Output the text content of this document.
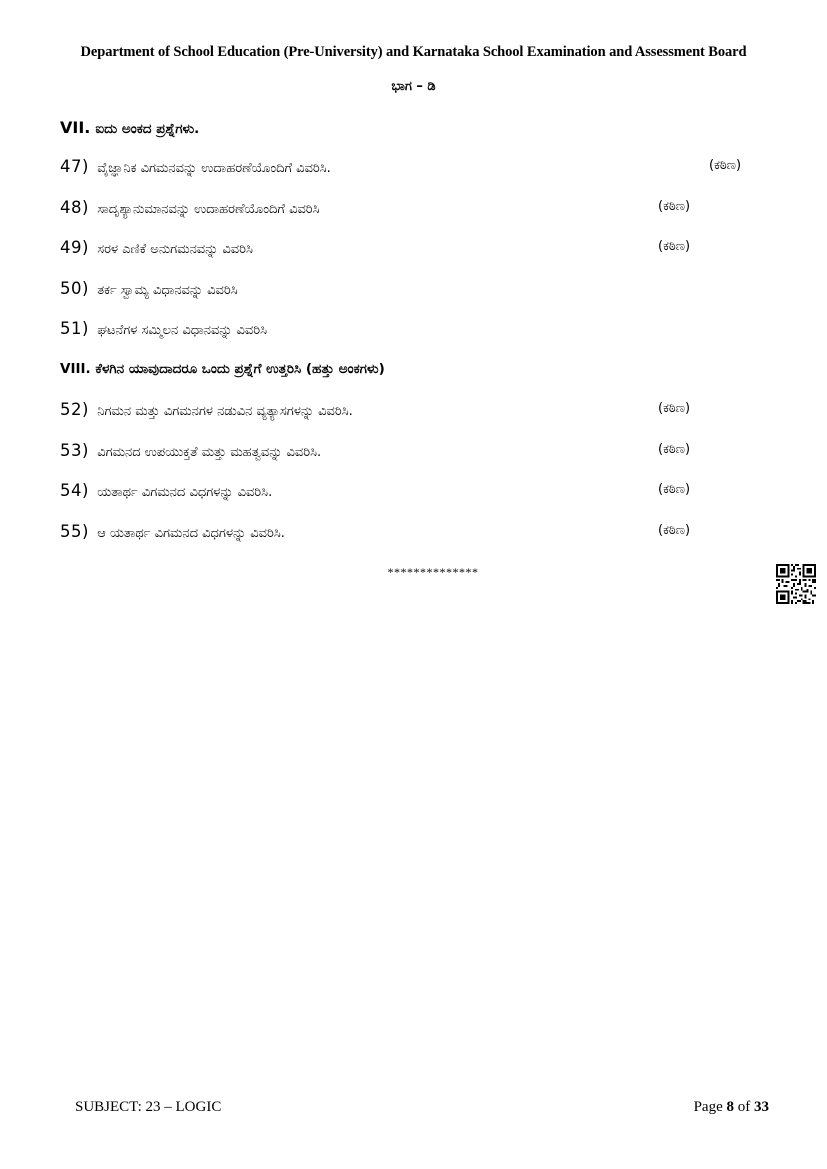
Department of School Education (Pre-University) and Karnataka School Examination and Assessment Board
ಭಾಗ – ಡಿ
VII. ಐದು ಅಂಕದ ಪ್ರಶ್ನೆಗಳು.
47) ವೈಜ್ಞಾನಿಕ ವಿಗಮನವನ್ನು ಉದಾಹರಣೆಯೊಂದಿಗೆ ವಿವರಿಸಿ.	(ಕಠಿಣ)
48) ಸಾದೃಶ್ಯಾನುಮಾನವನ್ನು ಉದಾಹರಣೆಯೊಂದಿಗೆ ವಿವರಿಸಿ	(ಕಠಿಣ)
49) ಸರಳ ಎಣಿಕೆ ಅನುಗಮನವನ್ನು ವಿವರಿಸಿ	(ಕಠಿಣ)
50) ತರ್ಕ ಸ್ವಾಮ್ಯ ವಿಧಾನವನ್ನು ವಿವರಿಸಿ
51) ಘಟನೆಗಳ ಸಮ್ಮಿಲನ ವಿಧಾನವನ್ನು ವಿವರಿಸಿ
VIII. ಕೆಳಗಿನ ಯಾವುದಾದರೂ ಒಂದು ಪ್ರಶ್ನೆಗೆ ಉತ್ತರಿಸಿ (ಹತ್ತು ಅಂಕಗಳು)
52) ನಿಗಮನ ಮತ್ತು ವಿಗಮನಗಳ ನಡುವಿನ ವ್ಯತ್ಯಾಸಗಳನ್ನು ವಿವರಿಸಿ.	(ಕಠಿಣ)
53) ವಿಗಮನದ ಉಪಯುಕ್ತತೆ ಮತ್ತು ಮಹತ್ವವನ್ನು ವಿವರಿಸಿ.	(ಕಠಿಣ)
54) ಯತಾರ್ಥ ವಿಗಮನದ ವಿಧಗಳನ್ನು ವಿವರಿಸಿ.	(ಕಠಿಣ)
55) ಆ ಯತಾರ್ಥ ವಿಗಮನದ ವಿಧಗಳನ್ನು ವಿವರಿಸಿ.	(ಕಠಿಣ)
**************
SUBJECT: 23 – LOGIC	Page 8 of 33
